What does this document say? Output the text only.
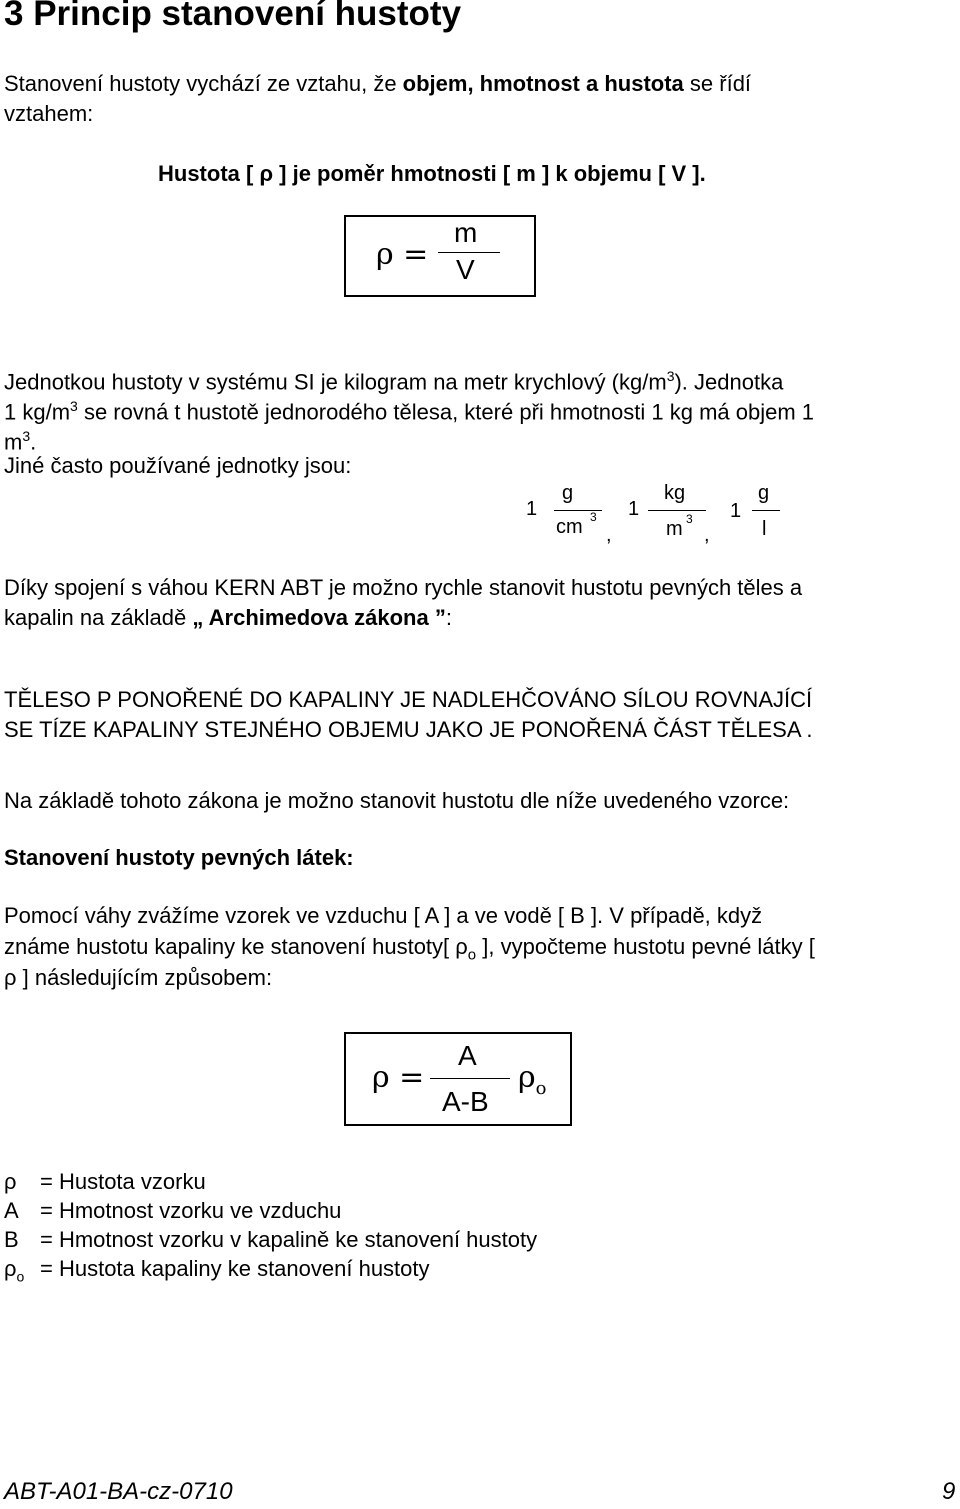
3 Princip stanovení hustoty
Stanovení hustoty vychází ze vztahu, že objem, hmotnost a hustota se řídí
vztahem:
Hustota [ ρ ] je poměr hmotnosti [ m ] k objemu [ V ].
ρ =
m
V
Jednotkou hustoty v systému SI je kilogram na metr krychlový $(kg/m^3)$. Jednotka
1 $kg/m^3$ se rovná t hustotě jednorodého tělesa, které při hmotnosti 1 kg má objem 1
$m^3$.
Jiné často používané jednotky jsou:
1
g
cm 3
,
1
kg
m 3
,
1
g
l
Díky spojení s váhou KERN ABT je možno rychle stanovit hustotu pevných těles a
kapalin na základě „ Archimedova zákona ”:
TĚLESO P PONOŘENÉ DO KAPALINY JE NADLEHČOVÁNO SÍLOU ROVNAJÍCÍ
SE TÍZE KAPALINY STEJNÉHO OBJEMU JAKO JE PONOŘENÁ ČÁST TĚLESA .
Na základě tohoto zákona je možno stanovit hustotu dle níže uvedeného vzorce:
Stanovení hustoty pevných látek:
Pomocí váhy zvážíme vzorek ve vzduchu [ A ] a ve vodě [ B ]. V případě, když
známe hustotu kapaliny ke stanovení hustoty[ $\rho_o$ ], vypočteme hustotu pevné látky [
ρ ] následujícím způsobem:
ρ =
A
A-B
$\rho_o$
ρ = Hustota vzorku
A = Hmotnost vzorku ve vzduchu
B = Hmotnost vzorku v kapalině ke stanovení hustoty
$\rho_o$ = Hustota kapaliny ke stanovení hustoty
ABT-A01-BA-cz-0710	9
